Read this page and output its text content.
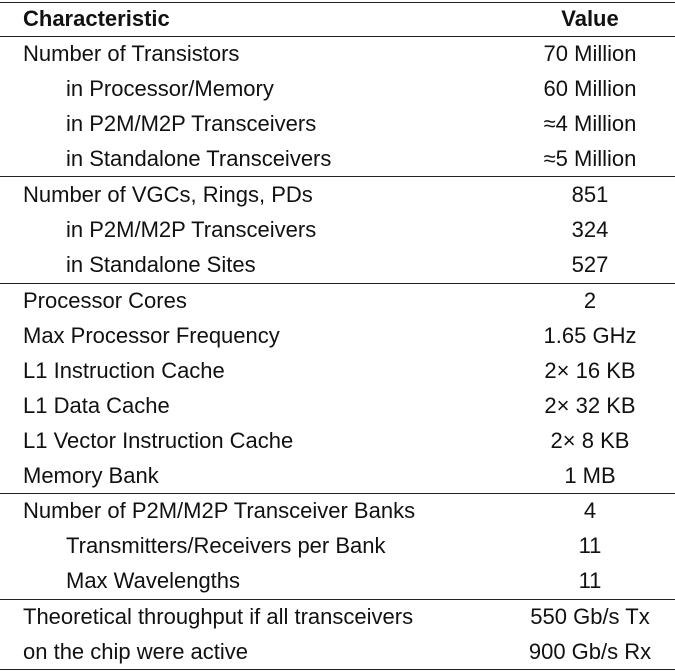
Characteristic	Value
Number of Transistors	70 Million
in Processor/Memory	60 Million
in P2M/M2P Transceivers	≈4 Million
in Standalone Transceivers	≈5 Million
Number of VGCs, Rings, PDs	851
in P2M/M2P Transceivers	324
in Standalone Sites	527
Processor Cores	2
Max Processor Frequency	1.65 GHz
L1 Instruction Cache	2× 16 KB
L1 Data Cache	2× 32 KB
L1 Vector Instruction Cache	2× 8 KB
Memory Bank	1 MB
Number of P2M/M2P Transceiver Banks	4
Transmitters/Receivers per Bank	11
Max Wavelengths	11
Theoretical throughput if all transceivers	550 Gb/s Tx
on the chip were active	900 Gb/s Rx
